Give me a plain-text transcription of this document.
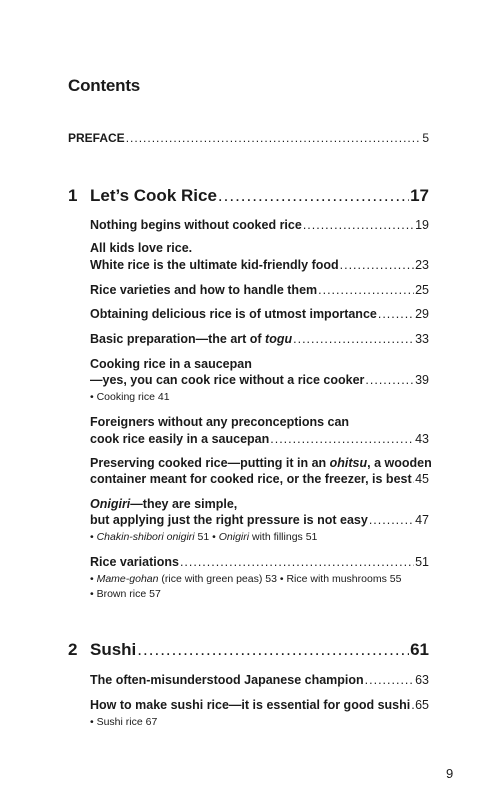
Contents
PREFACE .....	5
1 Let’s Cook Rice .....	17
Nothing begins without cooked rice .....	19
All kids love rice.
White rice is the ultimate kid-friendly food .....	23
Rice varieties and how to handle them .....	25
Obtaining delicious rice is of utmost importance .....	29
Basic preparation—the art of togu .....	33
Cooking rice in a saucepan
—yes, you can cook rice without a rice cooker .....	39
• Cooking rice 41
Foreigners without any preconceptions can
cook rice easily in a saucepan .....	43
Preserving cooked rice—putting it in an ohitsu, a wooden
container meant for cooked rice, or the freezer, is best ..... 45
Onigiri—they are simple,
but applying just the right pressure is not easy .....	47
• Chakin-shibori onigiri 51 • Onigiri with fillings 51
Rice variations .....	51
• Mame-gohan (rice with green peas) 53 • Rice with mushrooms 55
• Brown rice 57
2 Sushi .....	61
The often-misunderstood Japanese champion .....	63
How to make sushi rice—it is essential for good sushi ..... 65
• Sushi rice 67
9
